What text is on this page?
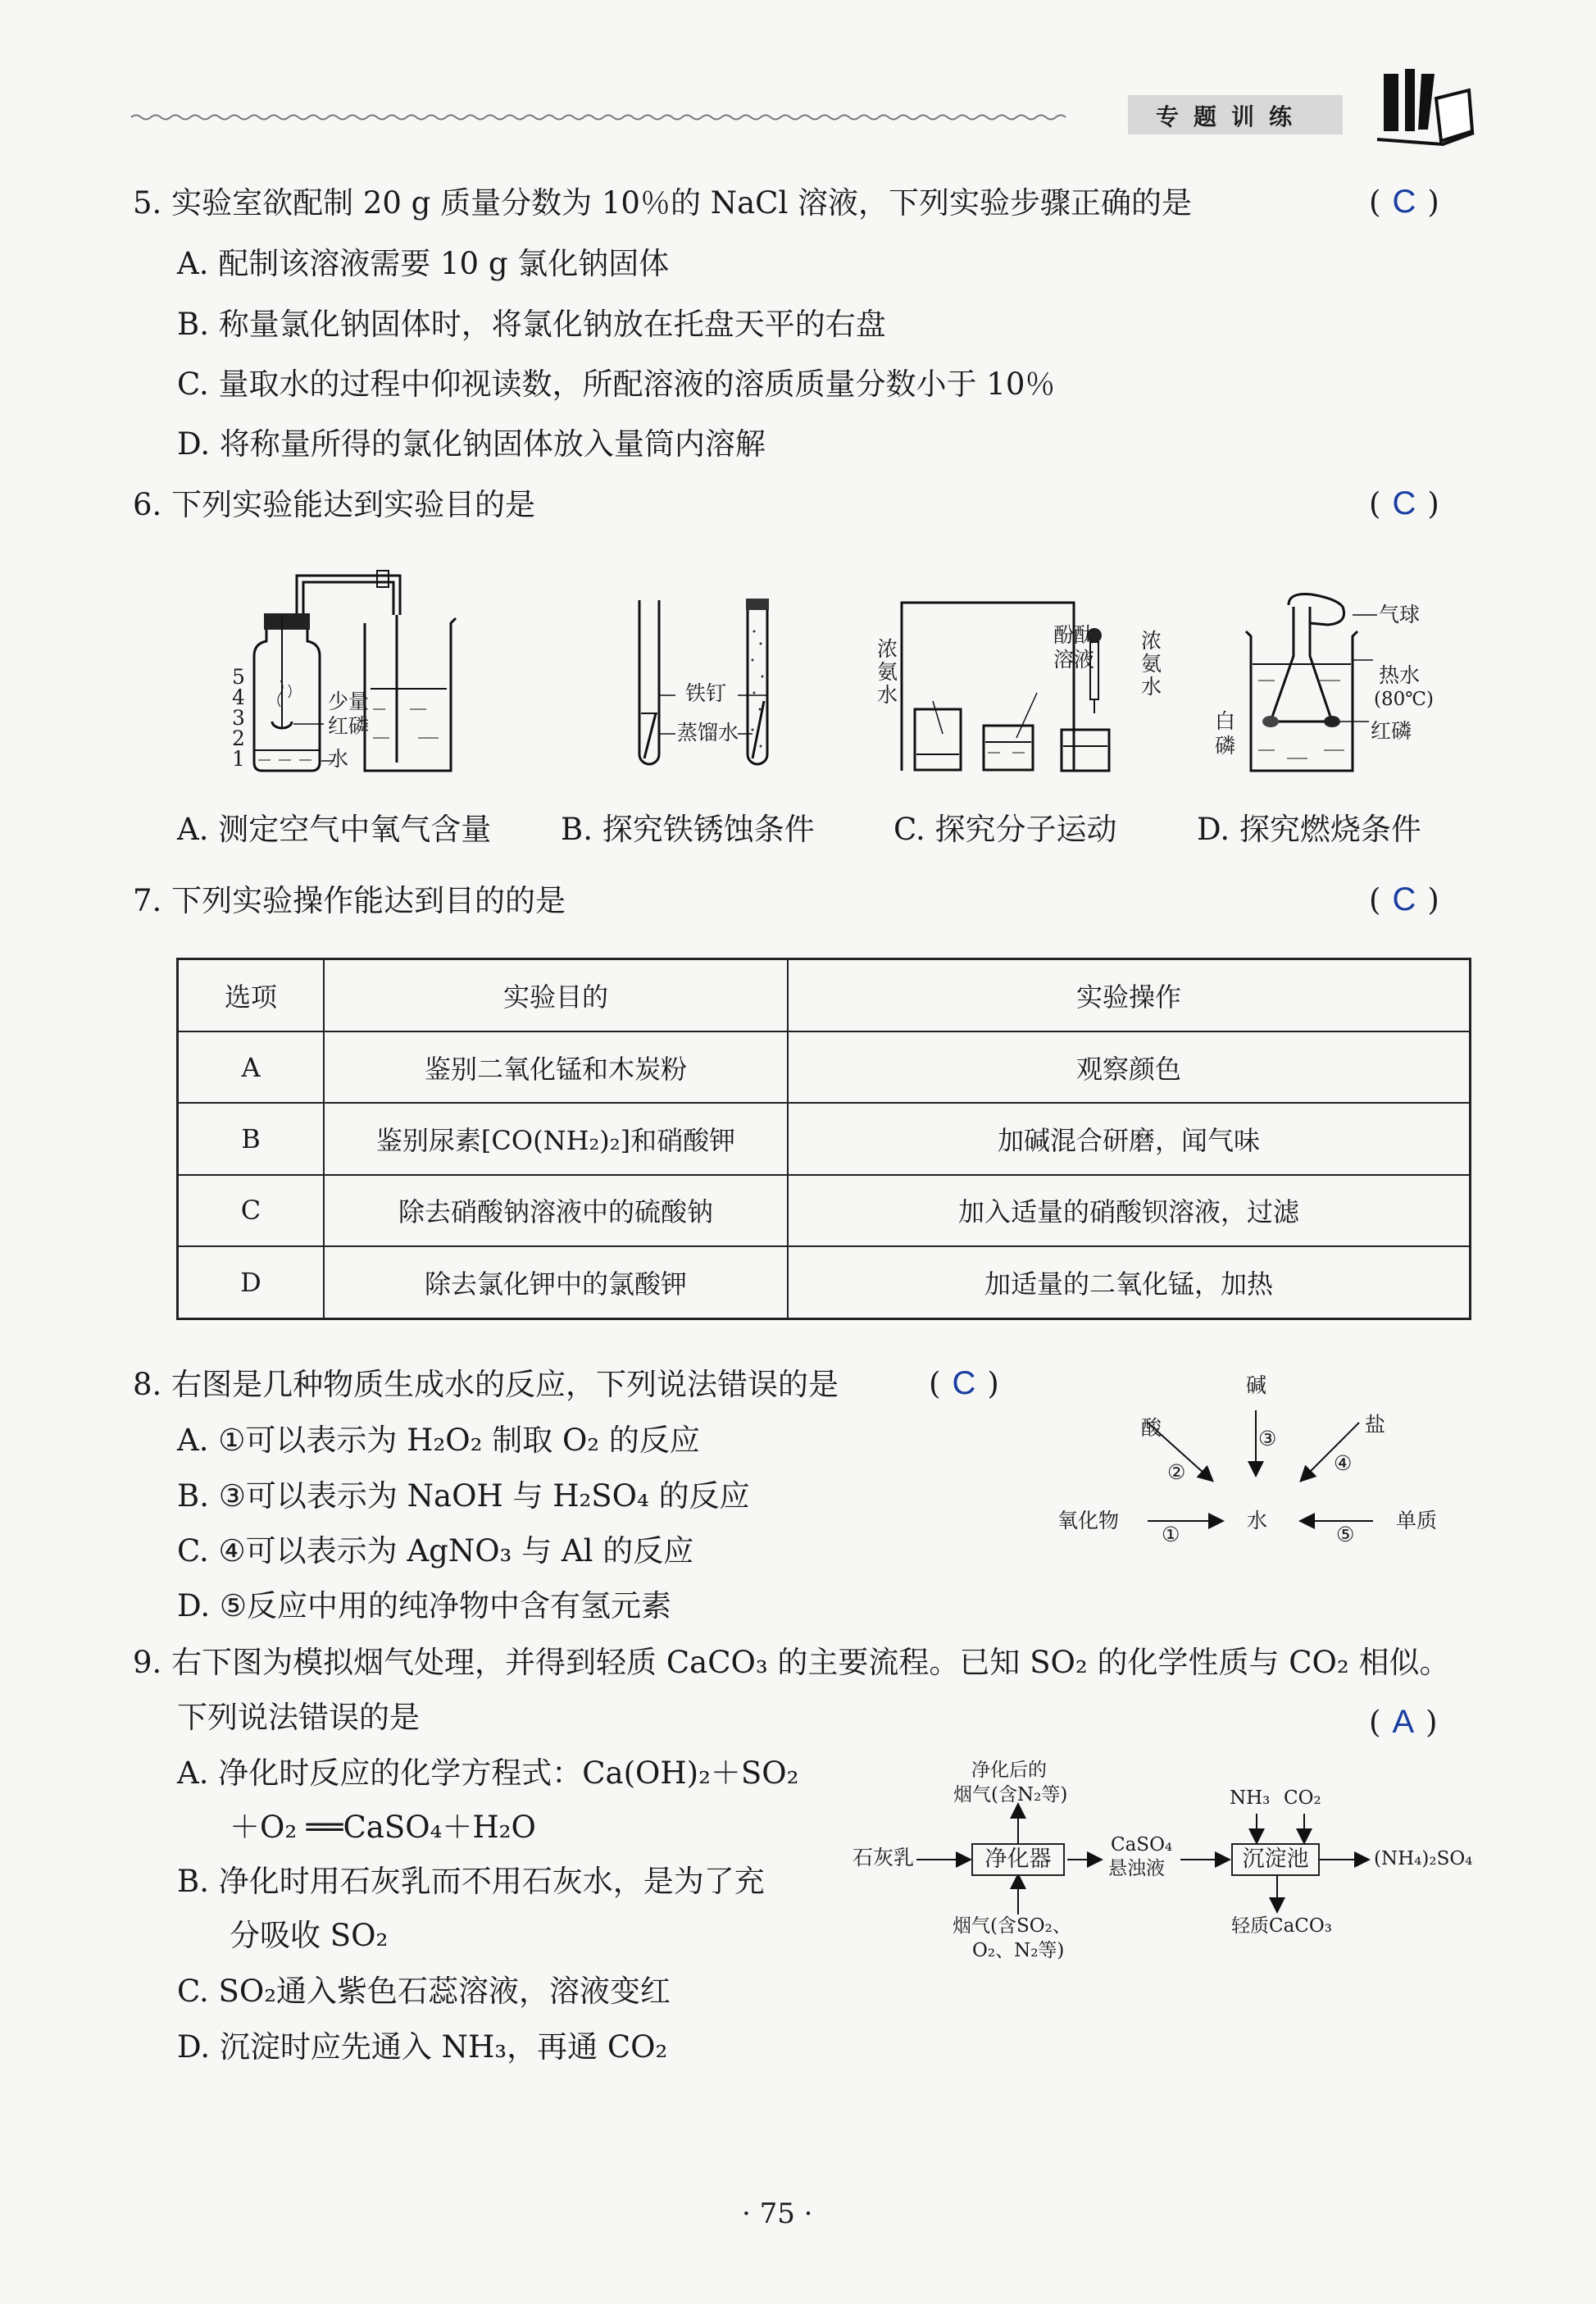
专题训练
5. 实验室欲配制 20 g 质量分数为 10％的 NaCl 溶液，下列实验步骤正确的是	( C )
A. 配制该溶液需要 10 g 氯化钠固体
B. 称量氯化钠固体时，将氯化钠放在托盘天平的右盘
C. 量取水的过程中仰视读数，所配溶液的溶质质量分数小于 10％
D. 将称量所得的氯化钠固体放入量筒内溶解
6. 下列实验能达到实验目的是	( C )
5
4
3
2
1
少量
红磷
水
铁钉
蒸馏水
浓
氨
水
酚酞
溶液
浓
氨
水
气球
热水
(80℃)
红磷
白
磷
A. 测定空气中氧气含量 B. 探究铁锈蚀条件	C. 探究分子运动	D. 探究燃烧条件
7. 下列实验操作能达到目的的是	( C )
选项	实验目的	实验操作
A	鉴别二氧化锰和木炭粉	观察颜色
B	鉴别尿素[CO(NH₂)₂]和硝酸钾	加碱混合研磨，闻气味
C	除去硝酸钠溶液中的硫酸钠	加入适量的硝酸钡溶液，过滤
D	除去氯化钾中的氯酸钾	加适量的二氧化锰，加热
8. 右图是几种物质生成水的反应，下列说法错误的是	( C )
A. ①可以表示为 H₂O₂ 制取 O₂ 的反应
B. ③可以表示为 NaOH 与 H₂SO₄ 的反应
C. ④可以表示为 AgNO₃ 与 Al 的反应
D. ⑤反应中用的纯净物中含有氢元素
碱
酸	盐
氧化物	水	单质
②
③
④
①	⑤
9. 右下图为模拟烟气处理，并得到轻质 CaCO₃ 的主要流程。已知 SO₂ 的化学性质与 CO₂ 相似。
下列说法错误的是	( A )
A. 净化时反应的化学方程式：Ca(OH)₂＋SO₂
＋O₂ ══CaSO₄＋H₂O
B. 净化时用石灰乳而不用石灰水，是为了充
分吸收 SO₂
C. SO₂通入紫色石蕊溶液，溶液变红
D. 沉淀时应先通入 NH₃，再通 CO₂
净化器	沉淀池
石灰乳
净化后的
烟气(含N₂等)
烟气(含SO₂、
O₂、N₂等)
CaSO₄
悬浊液
NH₃ CO₂
(NH₄)₂SO₄
轻质CaCO₃
· 75 ·
